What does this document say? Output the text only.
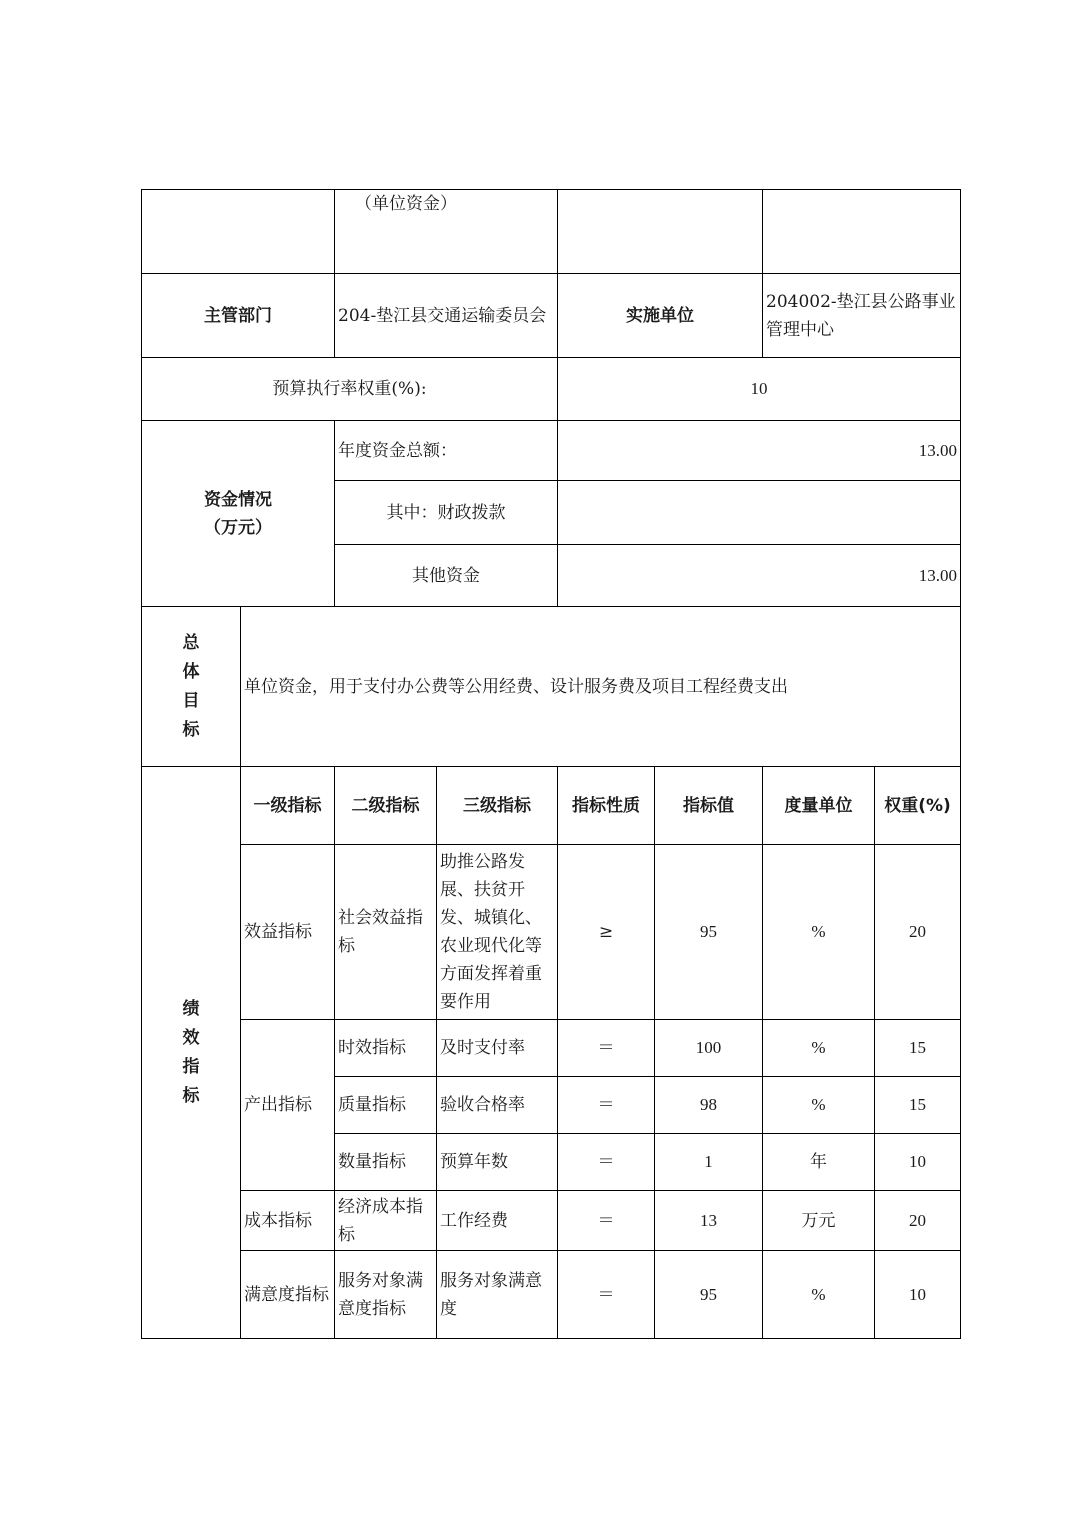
		（单位资金）					
主管部门		204-垫江县交通运输委员会		实施单位		204002-垫江县公路事业管理中心	
预算执行率权重(%):				10			

资金情况
（万元）		年度资金总额：		13.00			
		其中：财政拨款					
		其他资金		13.00			

总
体
目
标	单位资金，用于支付办公费等公用经费、设计服务费及项目工程经费支出						

绩
效
指
标	一级指标	二级指标	三级指标	指标性质	指标值	度量单位	权重(%)
	效益指标	社会效益指标	助推公路发展、扶贫开发、城镇化、农业现代化等方面发挥着重要作用	≥	95	%	20
	产出指标	时效指标	及时支付率	＝	100	%	15
		质量指标	验收合格率	＝	98	%	15
		数量指标	预算年数	＝	1	年	10
	成本指标	经济成本指标	工作经费	＝	13	万元	20
	满意度指标	服务对象满意度指标	服务对象满意度	＝	95	%	10
